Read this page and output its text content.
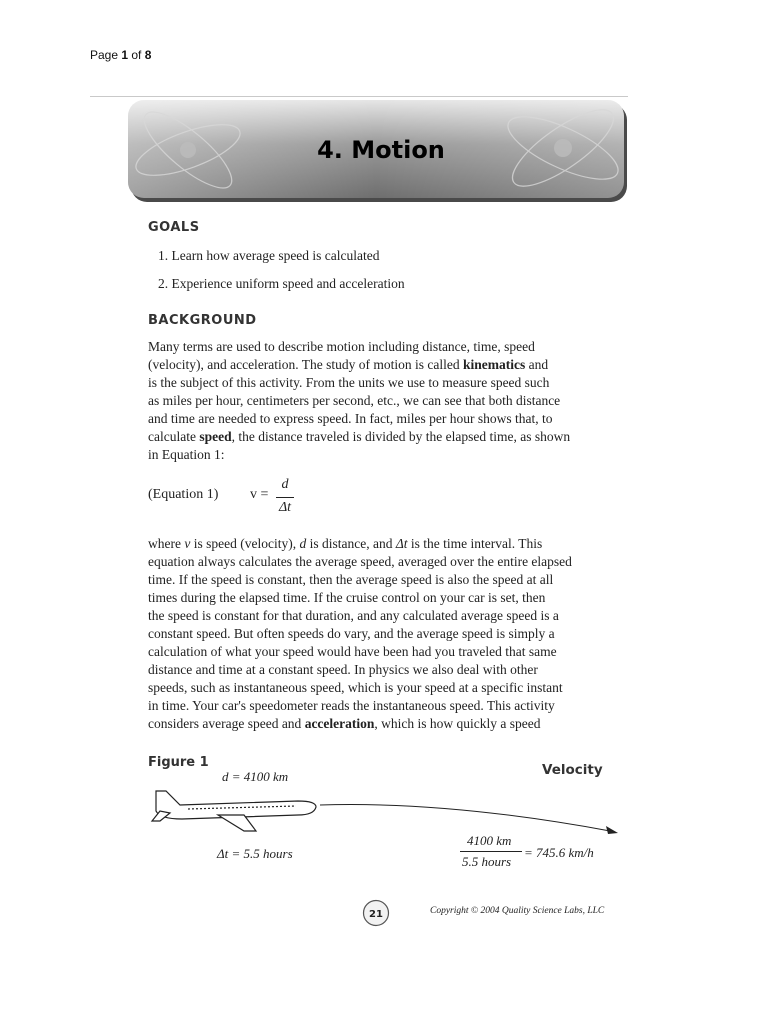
Page 1 of 8
4. Motion
GOALS
1. Learn how average speed is calculated
2. Experience uniform speed and acceleration
BACKGROUND
Many terms are used to describe motion including distance, time, speed
(velocity), and acceleration. The study of motion is called kinematics and
is the subject of this activity. From the units we use to measure speed such
as miles per hour, centimeters per second, etc., we can see that both distance
and time are needed to express speed. In fact, miles per hour shows that, to
calculate speed, the distance traveled is divided by the elapsed time, as shown
in Equation 1:
(Equation 1) v =
d
Δt
where v is speed (velocity), d is distance, and Δt is the time interval. This
equation always calculates the average speed, averaged over the entire elapsed
time. If the speed is constant, then the average speed is also the speed at all
times during the elapsed time. If the cruise control on your car is set, then
the speed is constant for that duration, and any calculated average speed is a
constant speed. But often speeds do vary, and the average speed is simply a
calculation of what your speed would have been had you traveled that same
distance and time at a constant speed. In physics we also deal with other
speeds, such as instantaneous speed, which is your speed at a specific instant
in time. Your car's speedometer reads the instantaneous speed. This activity
considers average speed and acceleration, which is how quickly a speed
Figure 1	Velocity
d = 4100 km
Δt = 5.5 hours
4100 km
5.5 hours
= 745.6 km/h
21	Copyright © 2004 Quality Science Labs, LLC
